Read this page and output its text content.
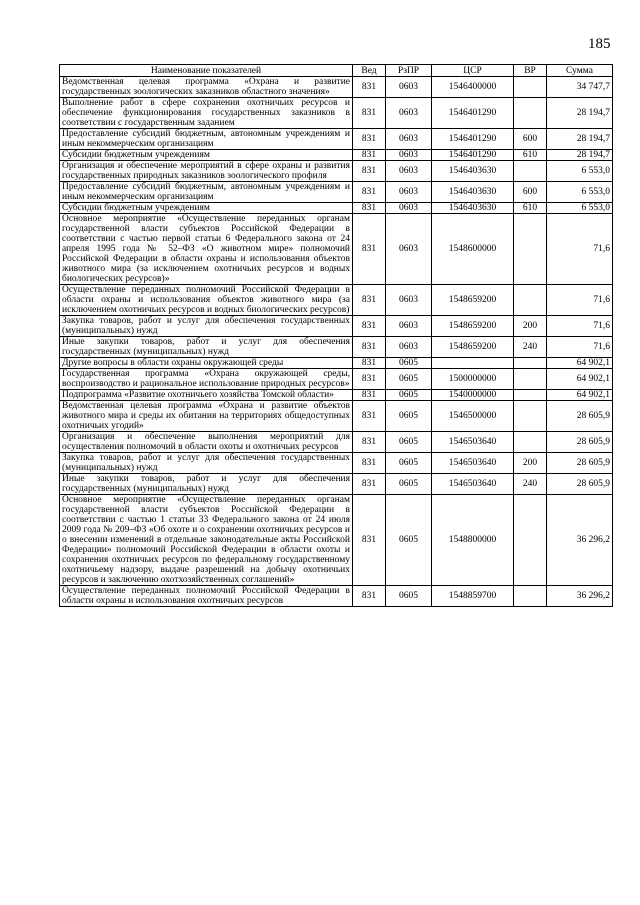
185
Наименование показателей	Вед	РзПР	ЦСР	ВР	Сумма
Ведомственная целевая программа «Охрана и развитие государственных зоологических заказников областного значения»	831	0603	1546400000		34 747,7
Выполнение работ в сфере сохранения охотничьих ресурсов и обеспечение функционирования государственных заказников в соответствии с государственным заданием	831	0603	1546401290		28 194,7
Предоставление субсидий бюджетным, автономным учреждениям и иным некоммерческим организациям	831	0603	1546401290	600	28 194,7
Субсидии бюджетным учреждениям	831	0603	1546401290	610	28 194,7
Организация и обеспечение мероприятий в сфере охраны и развития государственных природных заказников зоологического профиля	831	0603	1546403630		6 553,0
Предоставление субсидий бюджетным, автономным учреждениям и иным некоммерческим организациям	831	0603	1546403630	600	6 553,0
Субсидии бюджетным учреждениям	831	0603	1546403630	610	6 553,0
Основное мероприятие «Осуществление переданных органам государственной власти субъектов Российской Федерации в соответствии с частью первой статьи 6 Федерального закона от 24 апреля 1995 года № 52–ФЗ «О животном мире» полномочий Российской Федерации в области охраны и использования объектов животного мира (за исключением охотничьих ресурсов и водных биологических ресурсов)»	831	0603	1548600000		71,6
Осуществление переданных полномочий Российской Федерации в области охраны и использования объектов животного мира (за исключением охотничьих ресурсов и водных биологических ресурсов)	831	0603	1548659200		71,6
Закупка товаров, работ и услуг для обеспечения государственных (муниципальных) нужд	831	0603	1548659200	200	71,6
Иные закупки товаров, работ и услуг для обеспечения государственных (муниципальных) нужд	831	0603	1548659200	240	71,6
Другие вопросы в области охраны окружающей среды	831	0605			64 902,1
Государственная программа «Охрана окружающей среды, воспроизводство и рациональное использование природных ресурсов»	831	0605	1500000000		64 902,1
Подпрограмма «Развитие охотничьего хозяйства Томской области»	831	0605	1540000000		64 902,1
Ведомственная целевая программа «Охрана и развитие объектов животного мира и среды их обитания на территориях общедоступных охотничьих угодий»	831	0605	1546500000		28 605,9
Организация и обеспечение выполнения мероприятий для осуществления полномочий в области охоты и охотничьих ресурсов	831	0605	1546503640		28 605,9
Закупка товаров, работ и услуг для обеспечения государственных (муниципальных) нужд	831	0605	1546503640	200	28 605,9
Иные закупки товаров, работ и услуг для обеспечения государственных (муниципальных) нужд	831	0605	1546503640	240	28 605,9
Основное мероприятие «Осуществление переданных органам государственной власти субъектов Российской Федерации в соответствии с частью 1 статьи 33 Федерального закона от 24 июля 2009 года № 209–ФЗ «Об охоте и о сохранении охотничьих ресурсов и о внесении изменений в отдельные законодательные акты Российской Федерации» полномочий Российской Федерации в области охоты и сохранения охотничьих ресурсов по федеральному государственному охотничьему надзору, выдаче разрешений на добычу охотничьих ресурсов и заключению охотхозяйственных соглашений»	831	0605	1548800000		36 296,2
Осуществление переданных полномочий Российской Федерации в области охраны и использования охотничьих ресурсов	831	0605	1548859700		36 296,2
